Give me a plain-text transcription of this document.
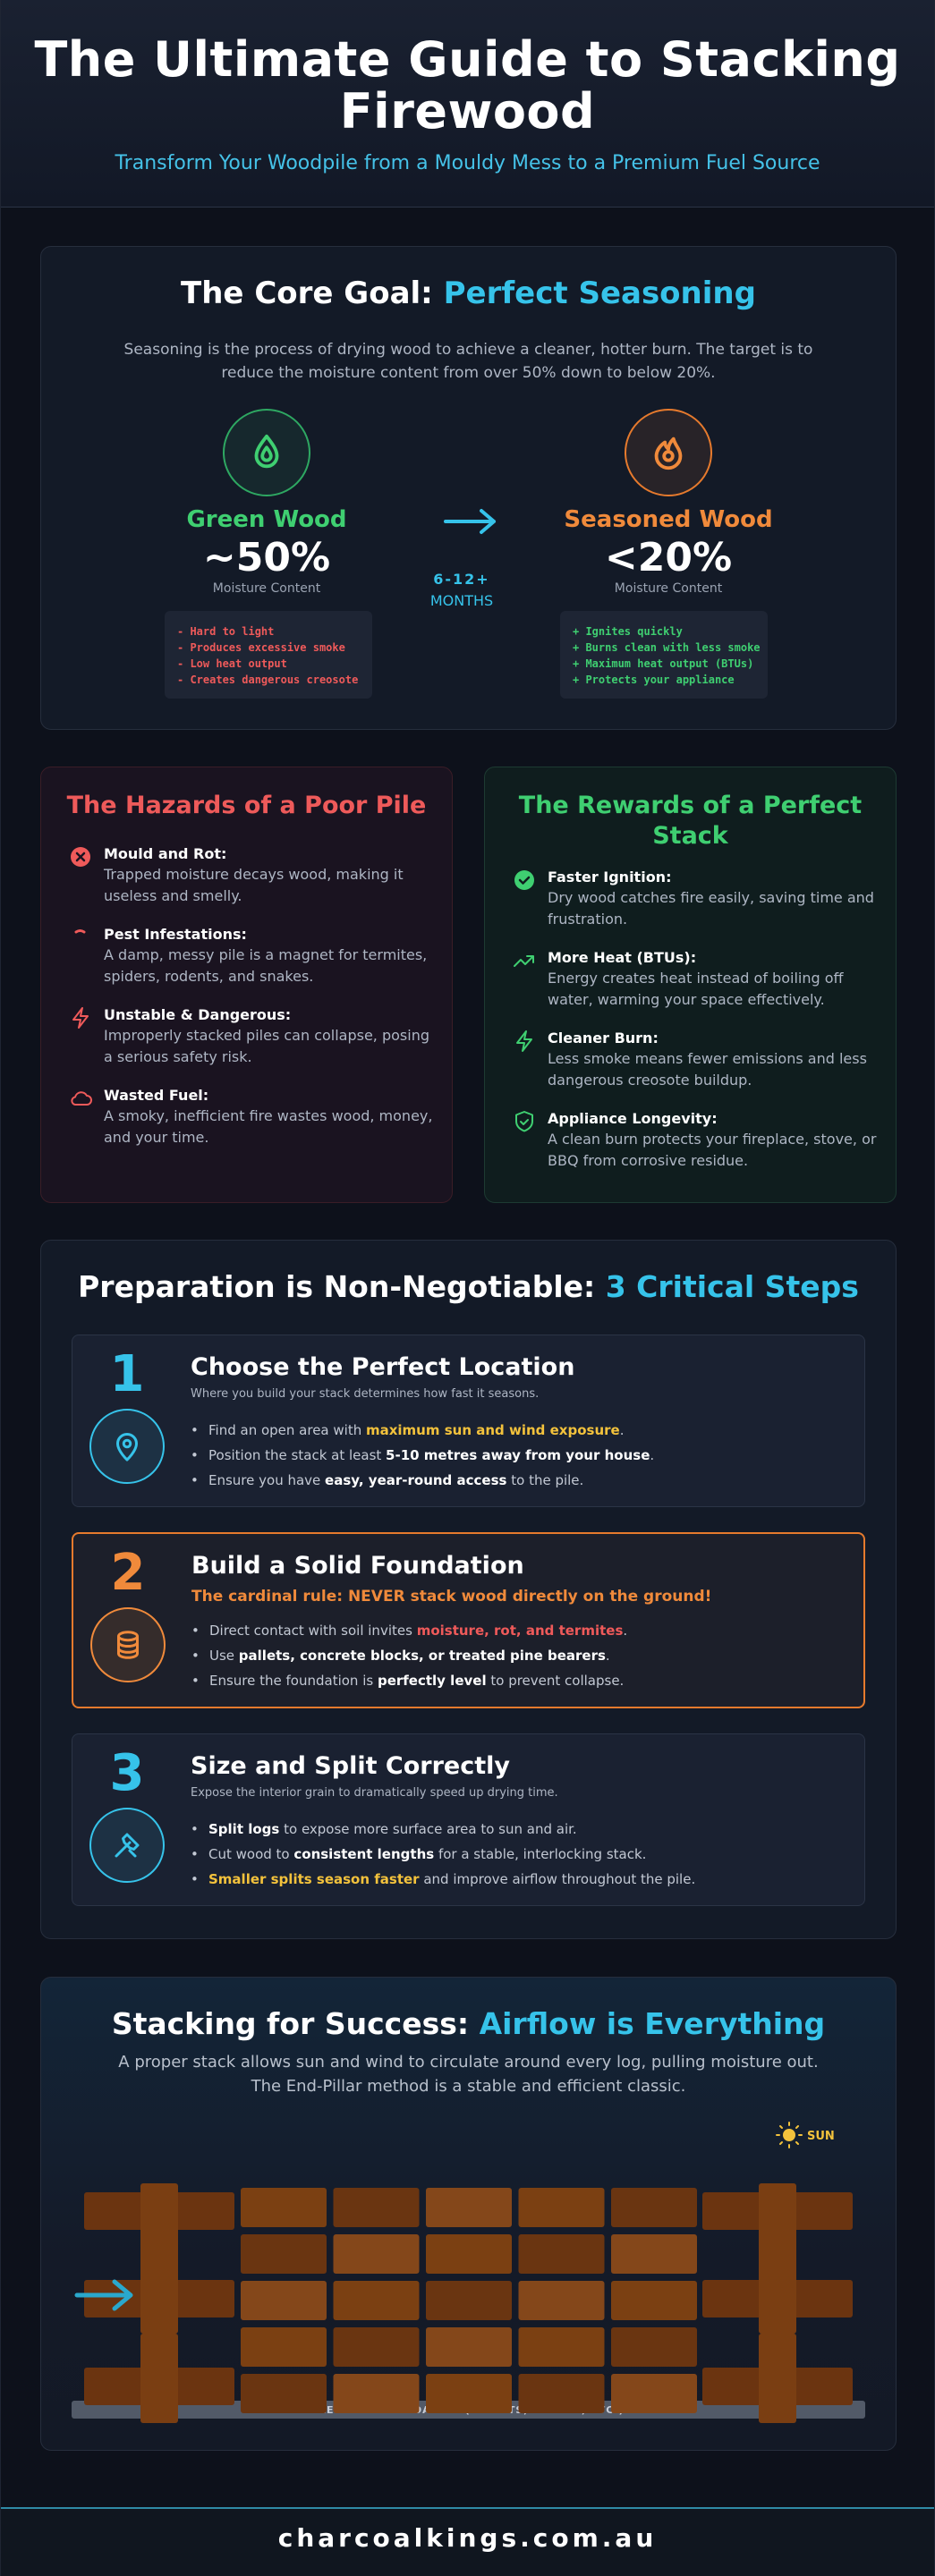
The Ultimate Guide to Stacking Firewood
Transform Your Woodpile from a Mouldy Mess to a Premium Fuel Source
The Core Goal: Perfect Seasoning

Seasoning is the process of drying wood to achieve a cleaner, hotter burn. The target is to reduce the moisture content from over 50% down to below 20%.

Green Wood
~50%
Moisture Content
Seasoned Wood
<20%
Moisture Content
6-12+
MONTHS
- Hard to light
- Produces excessive smoke
- Low heat output
- Creates dangerous creosote
+ Ignites quickly
+ Burns clean with less smoke
+ Maximum heat output (BTUs)
+ Protects your appliance
The Hazards of a Poor Pile
Mould and Rot:
Trapped moisture decays wood, making it useless and smelly.
Pest Infestations:
A damp, messy pile is a magnet for termites, spiders, rodents, and snakes.
Unstable & Dangerous:
Improperly stacked piles can collapse, posing a serious safety risk.
Wasted Fuel:
A smoky, inefficient fire wastes wood, money, and your time.
The Rewards of a Perfect Stack
Faster Ignition:
Dry wood catches fire easily, saving time and frustration.
More Heat (BTUs):
Energy creates heat instead of boiling off water, warming your space effectively.
Cleaner Burn:
Less smoke means fewer emissions and less dangerous creosote buildup.
Appliance Longevity:
A clean burn protects your fireplace, stove, or BBQ from corrosive residue.
Preparation is Non-Negotiable: 3 Critical Steps
1	Choose the Perfect Location
Where you build your stack determines how fast it seasons.
• Find an open area with maximum sun and wind exposure.
• Position the stack at least 5-10 metres away from your house.
• Ensure you have easy, year-round access to the pile.
2	Build a Solid Foundation
The cardinal rule: NEVER stack wood directly on the ground!
• Direct contact with soil invites moisture, rot, and termites.
• Use pallets, concrete blocks, or treated pine bearers.
• Ensure the foundation is perfectly level to prevent collapse.
3	Size and Split Correctly
Expose the interior grain to dramatically speed up drying time.
• Split logs to expose more surface area to sun and air.
• Cut wood to consistent lengths for a stable, interlocking stack.
• Smaller splits season faster and improve airflow throughout the pile.
Stacking for Success: Airflow is Everything
A proper stack allows sun and wind to circulate around every log, pulling moisture out.
The End-Pillar method is a stable and efficient classic.
SUN
FOUNDATION ETC.)
charcoalkings.com.au
